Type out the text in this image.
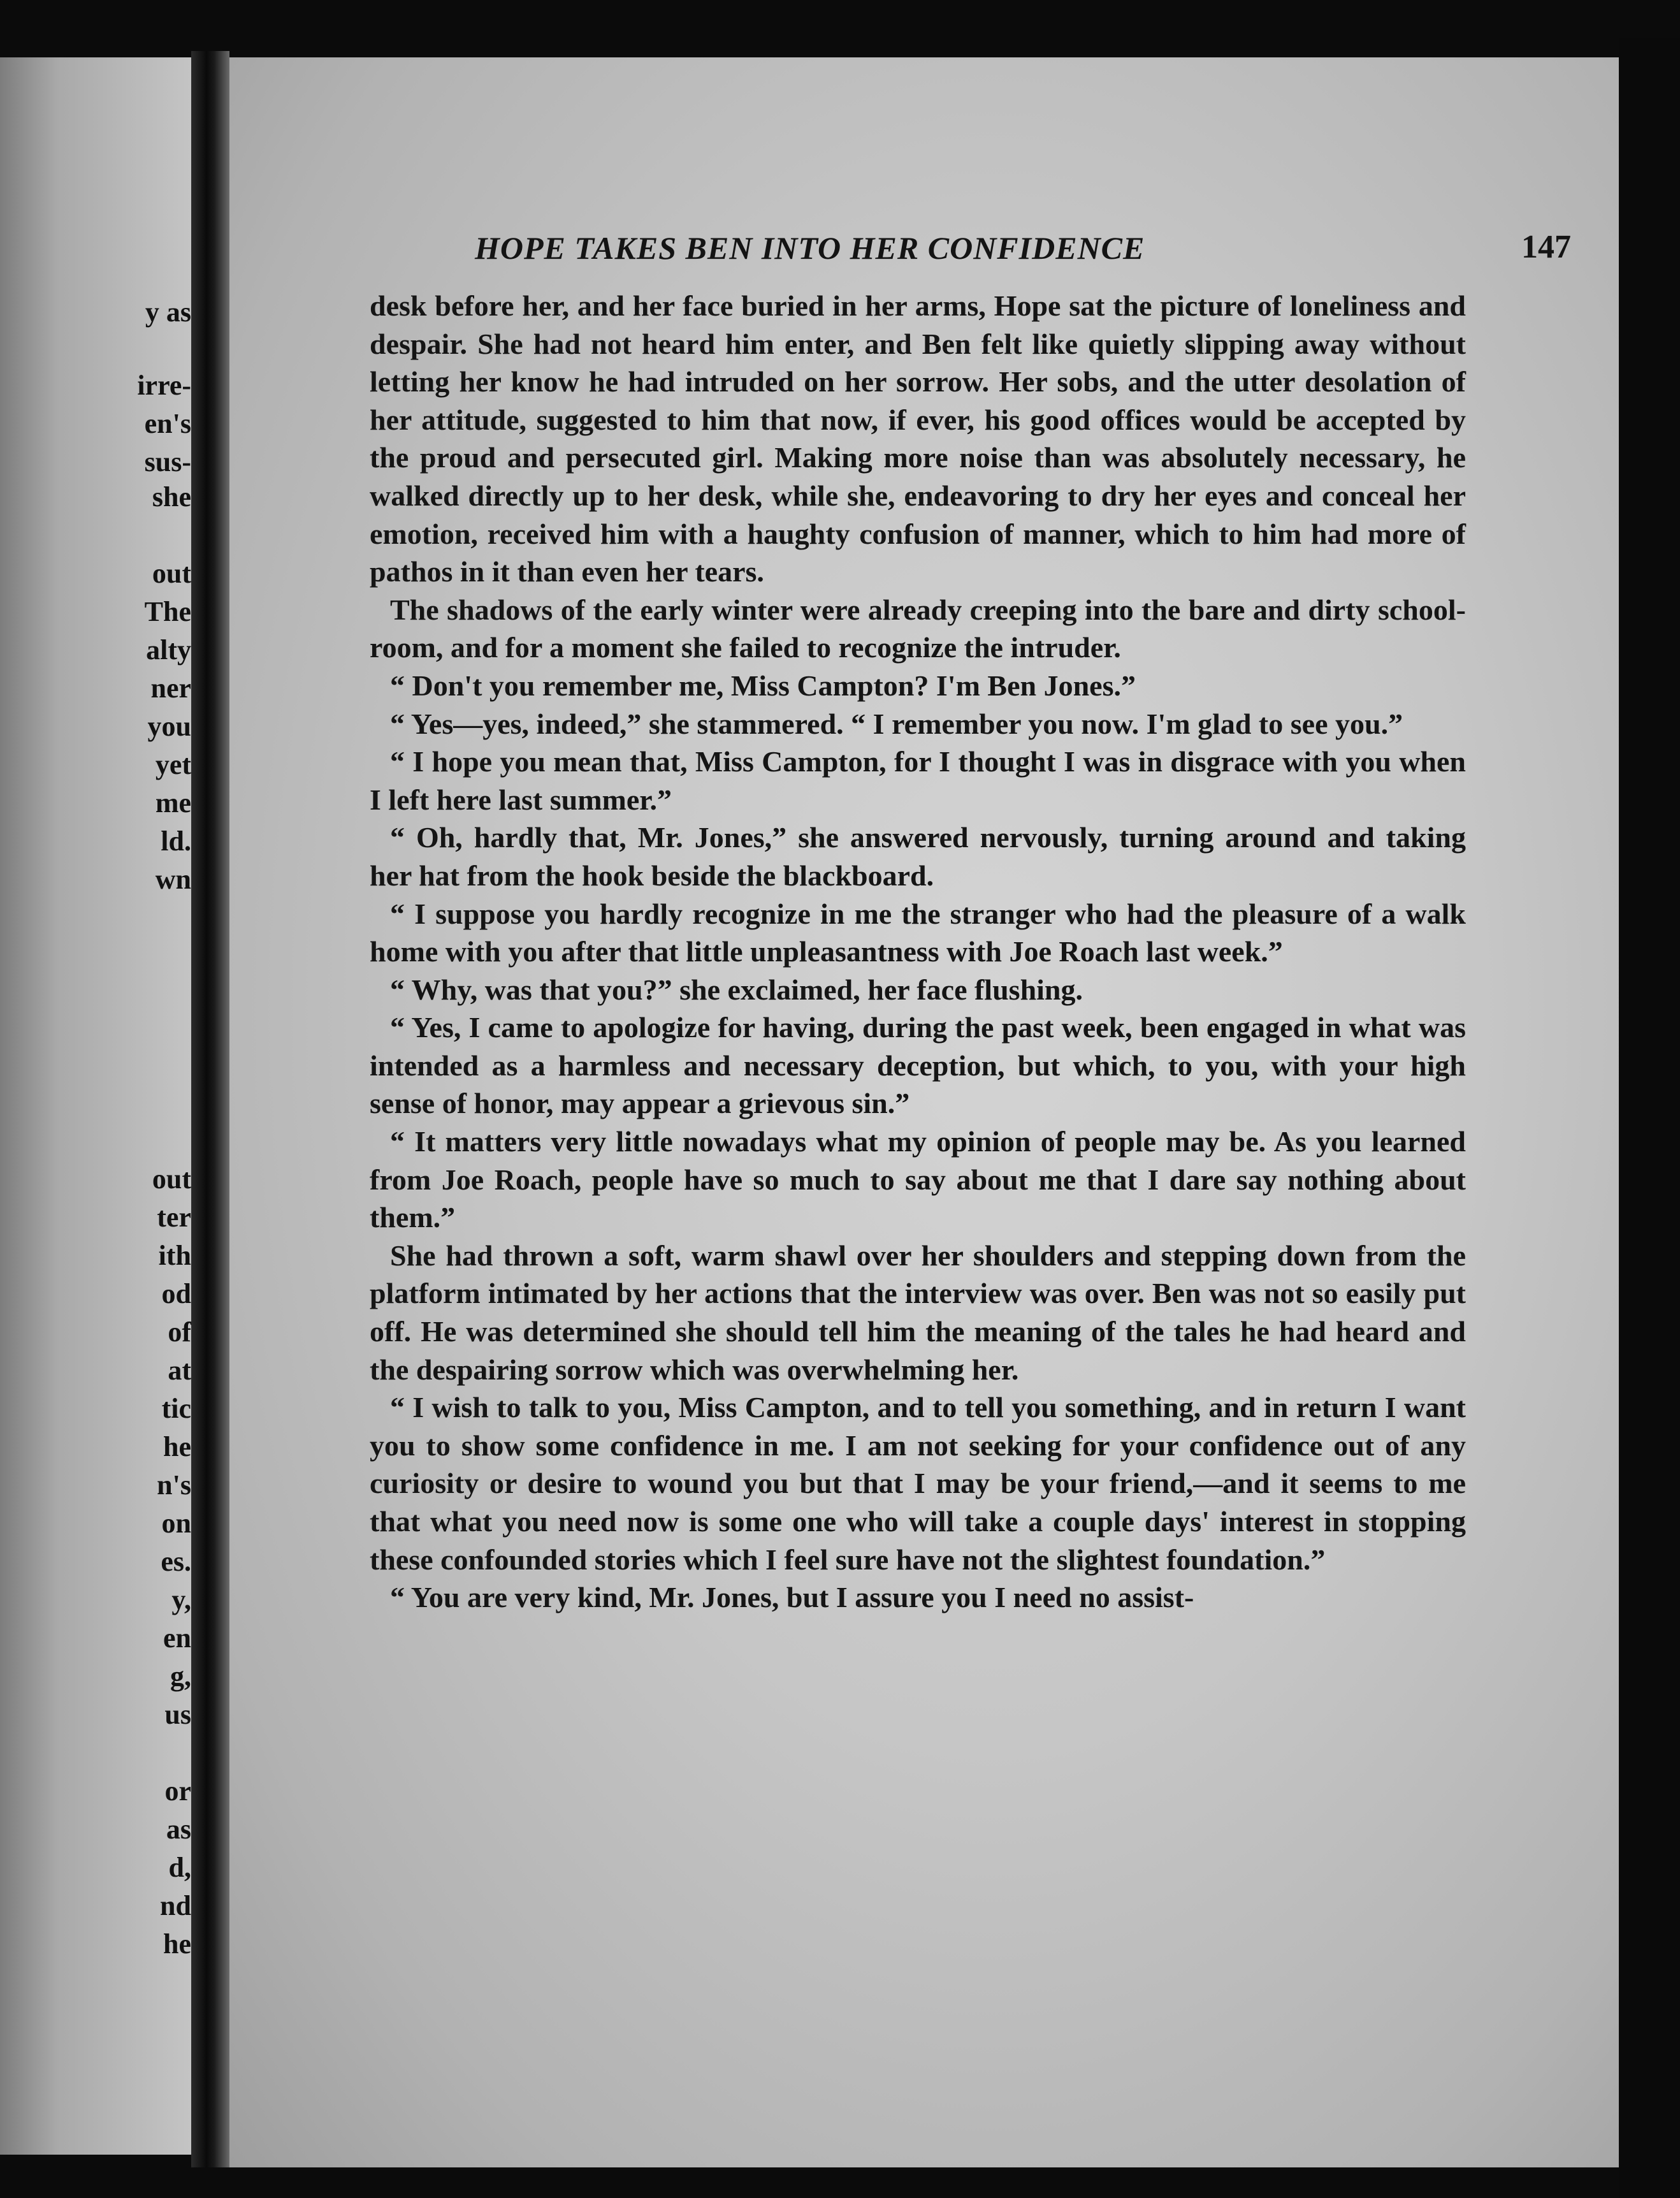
y as
irre-
en's
sus-
she
out
The
alty
ner
you
yet
me
ld.
wn
out
ter
ith
od
of
at
tic
he
n's
on
es.
y,
en
g,
us
or
as
d,
nd
he
HOPE TAKES BEN INTO HER CONFIDENCE	147

desk before her, and her face buried in her arms, Hope sat the picture of loneliness and despair. She had not heard him enter, and Ben felt like quietly slipping away without letting her know he had intruded on her sorrow. Her sobs, and the utter desolation of her attitude, suggested to him that now, if ever, his good offices would be accepted by the proud and persecuted girl. Making more noise than was absolutely necessary, he walked directly up to her desk, while she, endeavoring to dry her eyes and conceal her emotion, received him with a haughty confusion of manner, which to him had more of pathos in it than even her tears.

The shadows of the early winter were already creeping into the bare and dirty school-room, and for a moment she failed to recognize the intruder.

“ Don't you remember me, Miss Campton? I'm Ben Jones.”

“ Yes—yes, indeed,” she stammered. “ I remember you now. I'm glad to see you.”

“ I hope you mean that, Miss Campton, for I thought I was in disgrace with you when I left here last summer.”

“ Oh, hardly that, Mr. Jones,” she answered nervously, turning around and taking her hat from the hook beside the blackboard.

“ I suppose you hardly recognize in me the stranger who had the pleasure of a walk home with you after that little unpleasantness with Joe Roach last week.”

“ Why, was that you?” she exclaimed, her face flushing.

“ Yes, I came to apologize for having, during the past week, been engaged in what was intended as a harmless and necessary deception, but which, to you, with your high sense of honor, may appear a grievous sin.”

“ It matters very little nowadays what my opinion of people may be. As you learned from Joe Roach, people have so much to say about me that I dare say nothing about them.”

She had thrown a soft, warm shawl over her shoulders and stepping down from the platform intimated by her actions that the interview was over. Ben was not so easily put off. He was determined she should tell him the meaning of the tales he had heard and the despairing sorrow which was overwhelming her.

“ I wish to talk to you, Miss Campton, and to tell you something, and in return I want you to show some confidence in me. I am not seeking for your confidence out of any curiosity or desire to wound you but that I may be your friend,—and it seems to me that what you need now is some one who will take a couple days' interest in stopping these confounded stories which I feel sure have not the slightest foundation.”

“ You are very kind, Mr. Jones, but I assure you I need no assist-
